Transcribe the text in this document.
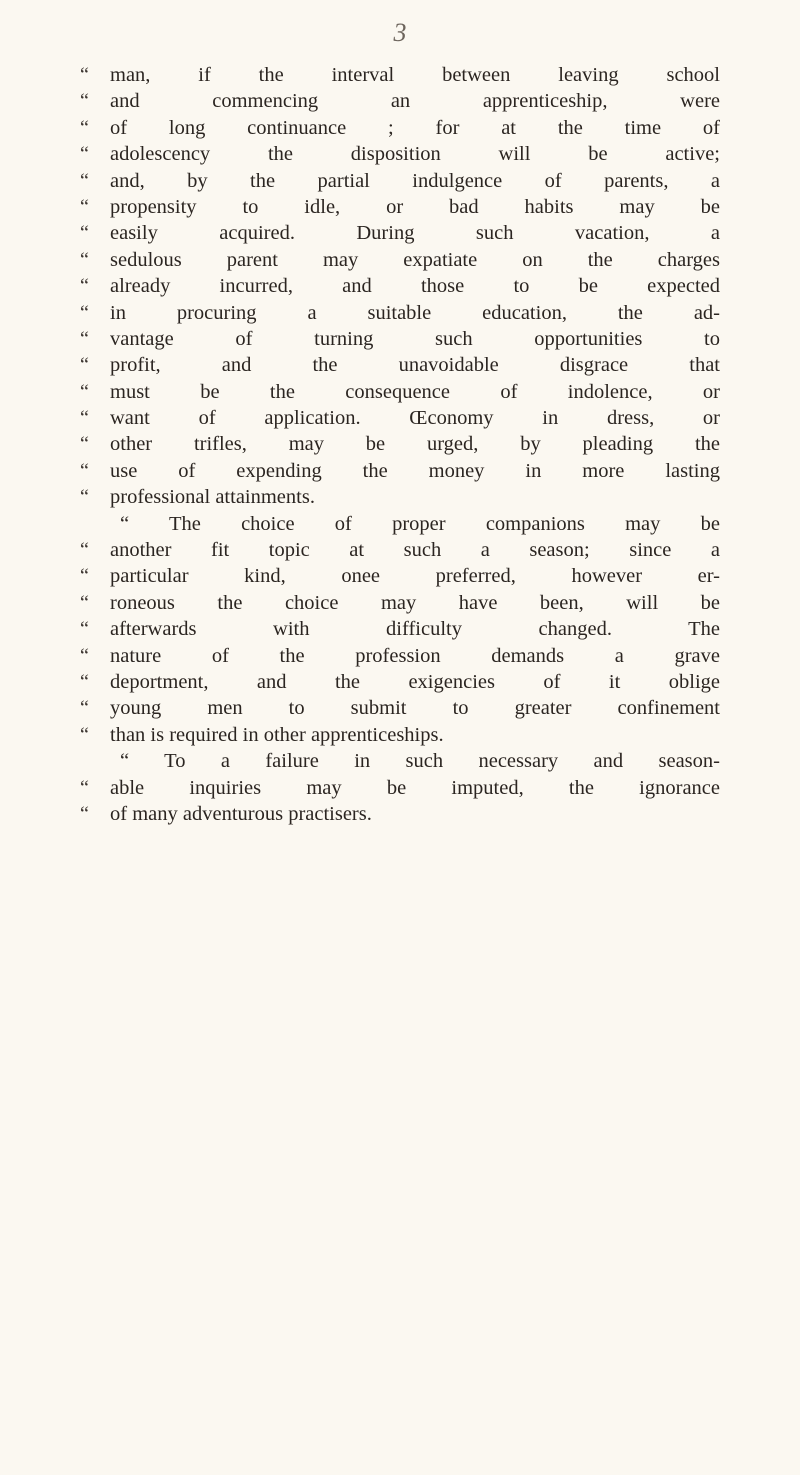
3
“	man, if the interval between leaving school
“	and commencing an apprenticeship, were
“	of long continuance ; for at the time of
“	adolescency the disposition will be active;
“	and, by the partial indulgence of parents, a
“	propensity to idle, or bad habits may be
“	easily acquired. During such vacation, a
“	sedulous parent may expatiate on the charges
“	already incurred, and those to be expected
“	in procuring a suitable education, the ad-
“	vantage of turning such opportunities to
“	profit, and the unavoidable disgrace that
“	must be the consequence of indolence, or
“	want of application. Œconomy in dress, or
“	other trifles, may be urged, by pleading the
“	use of expending the money in more lasting
“	professional attainments.
“ The choice of proper companions may be
“	another fit topic at such a season; since a
“	particular kind, onee preferred, however er-
“	roneous the choice may have been, will be
“	afterwards with difficulty changed. The
“	nature of the profession demands a grave
“	deportment, and the exigencies of it oblige
“	young men to submit to greater confinement
“	than is required in other apprenticeships.
“ To a failure in such necessary and season-
“	able inquiries may be imputed, the ignorance
“	of many adventurous practisers.
